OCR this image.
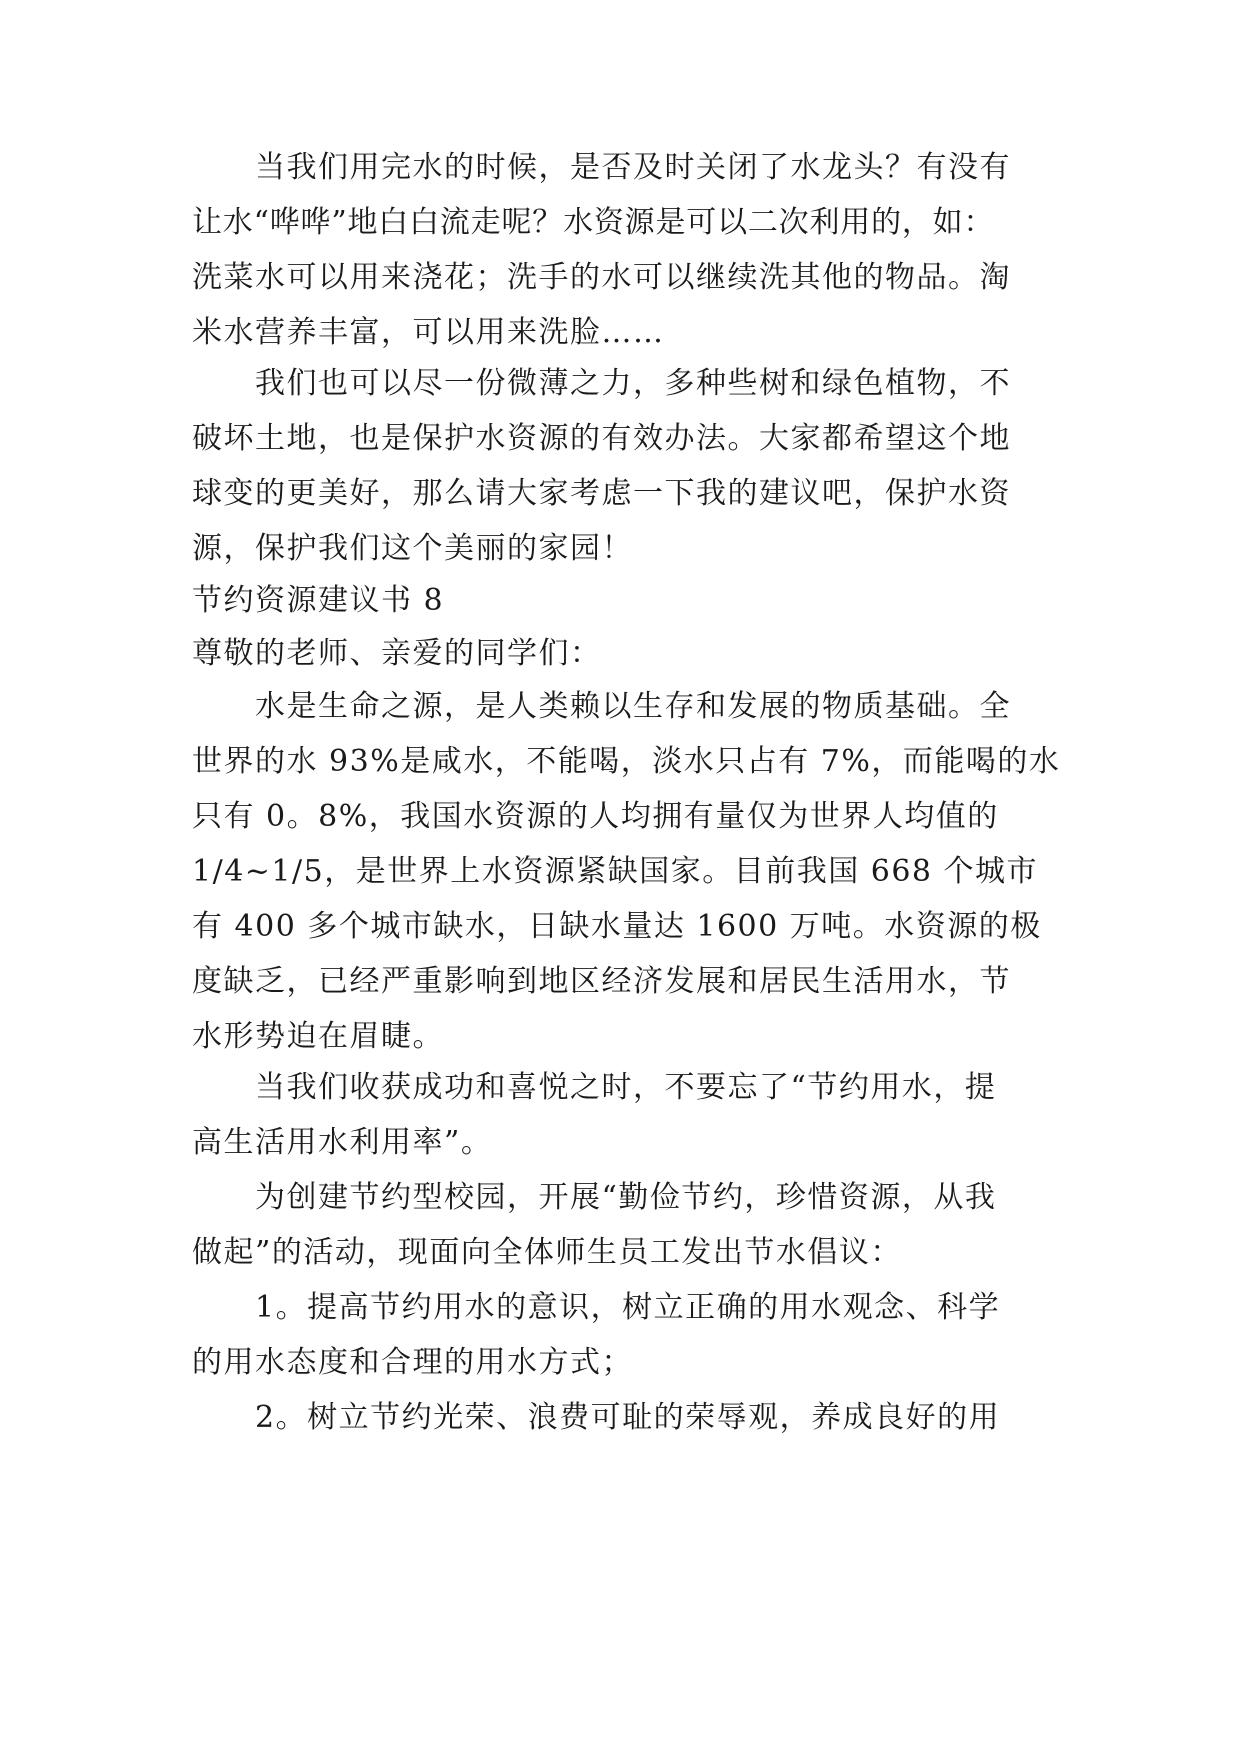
当我们用完水的时候，是否及时关闭了水龙头？有没有
让水“哗哗”地白白流走呢？水资源是可以二次利用的，如：
洗菜水可以用来浇花；洗手的水可以继续洗其他的物品。淘
米水营养丰富，可以用来洗脸……
我们也可以尽一份微薄之力，多种些树和绿色植物，不
破坏土地，也是保护水资源的有效办法。大家都希望这个地
球变的更美好，那么请大家考虑一下我的建议吧，保护水资
源，保护我们这个美丽的家园！
节约资源建议书 8
尊敬的老师、亲爱的同学们：
水是生命之源，是人类赖以生存和发展的物质基础。全
世界的水 93%是咸水，不能喝，淡水只占有 7%，而能喝的水
只有 0。8%，我国水资源的人均拥有量仅为世界人均值的
1/4~1/5，是世界上水资源紧缺国家。目前我国 668 个城市
有 400 多个城市缺水，日缺水量达 1600 万吨。水资源的极
度缺乏，已经严重影响到地区经济发展和居民生活用水，节
水形势迫在眉睫。
当我们收获成功和喜悦之时，不要忘了“节约用水，提
高生活用水利用率”。
为创建节约型校园，开展“勤俭节约，珍惜资源，从我
做起”的活动，现面向全体师生员工发出节水倡议：
1。提高节约用水的意识，树立正确的用水观念、科学
的用水态度和合理的用水方式；
2。树立节约光荣、浪费可耻的荣辱观，养成良好的用
